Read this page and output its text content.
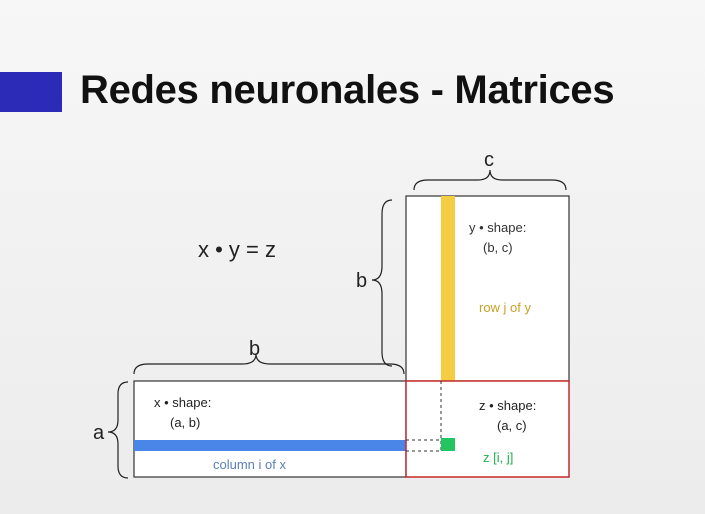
Redes neuronales - Matrices
x • y = z
c
b
b
a
y • shape:
(b, c)
row j of y
x • shape:
(a, b)
column i of x
z • shape:
(a, c)
z [i, j]
